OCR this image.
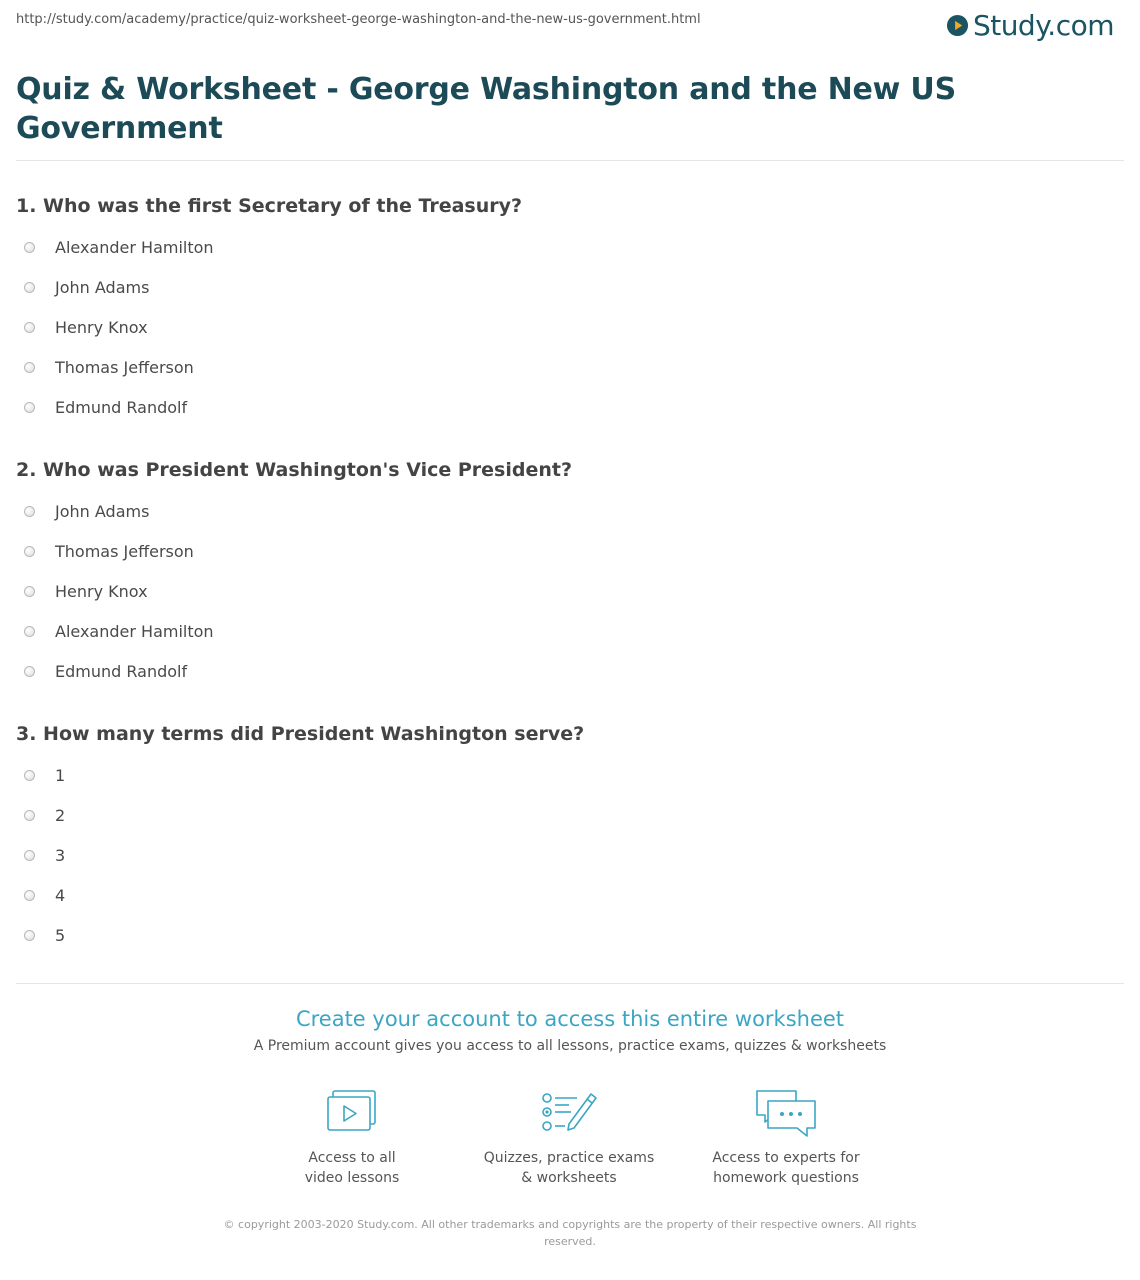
http://study.com/academy/practice/quiz-worksheet-george-washington-and-the-new-us-government.html	Study.com
Quiz & Worksheet - George Washington and the New US Government

1. Who was the first Secretary of the Treasury?

Alexander Hamilton
John Adams
Henry Knox
Thomas Jefferson
Edmund Randolf

2. Who was President Washington's Vice President?

John Adams
Thomas Jefferson
Henry Knox
Alexander Hamilton
Edmund Randolf

3. How many terms did President Washington serve?

1
2
3
4
5
Create your account to access this entire worksheet
A Premium account gives you access to all lessons, practice exams, quizzes & worksheets
Access to all
video lessons
Quizzes, practice exams
& worksheets
Access to experts for
homework questions
© copyright 2003-2020 Study.com. All other trademarks and copyrights are the property of their respective owners. All rights reserved.
